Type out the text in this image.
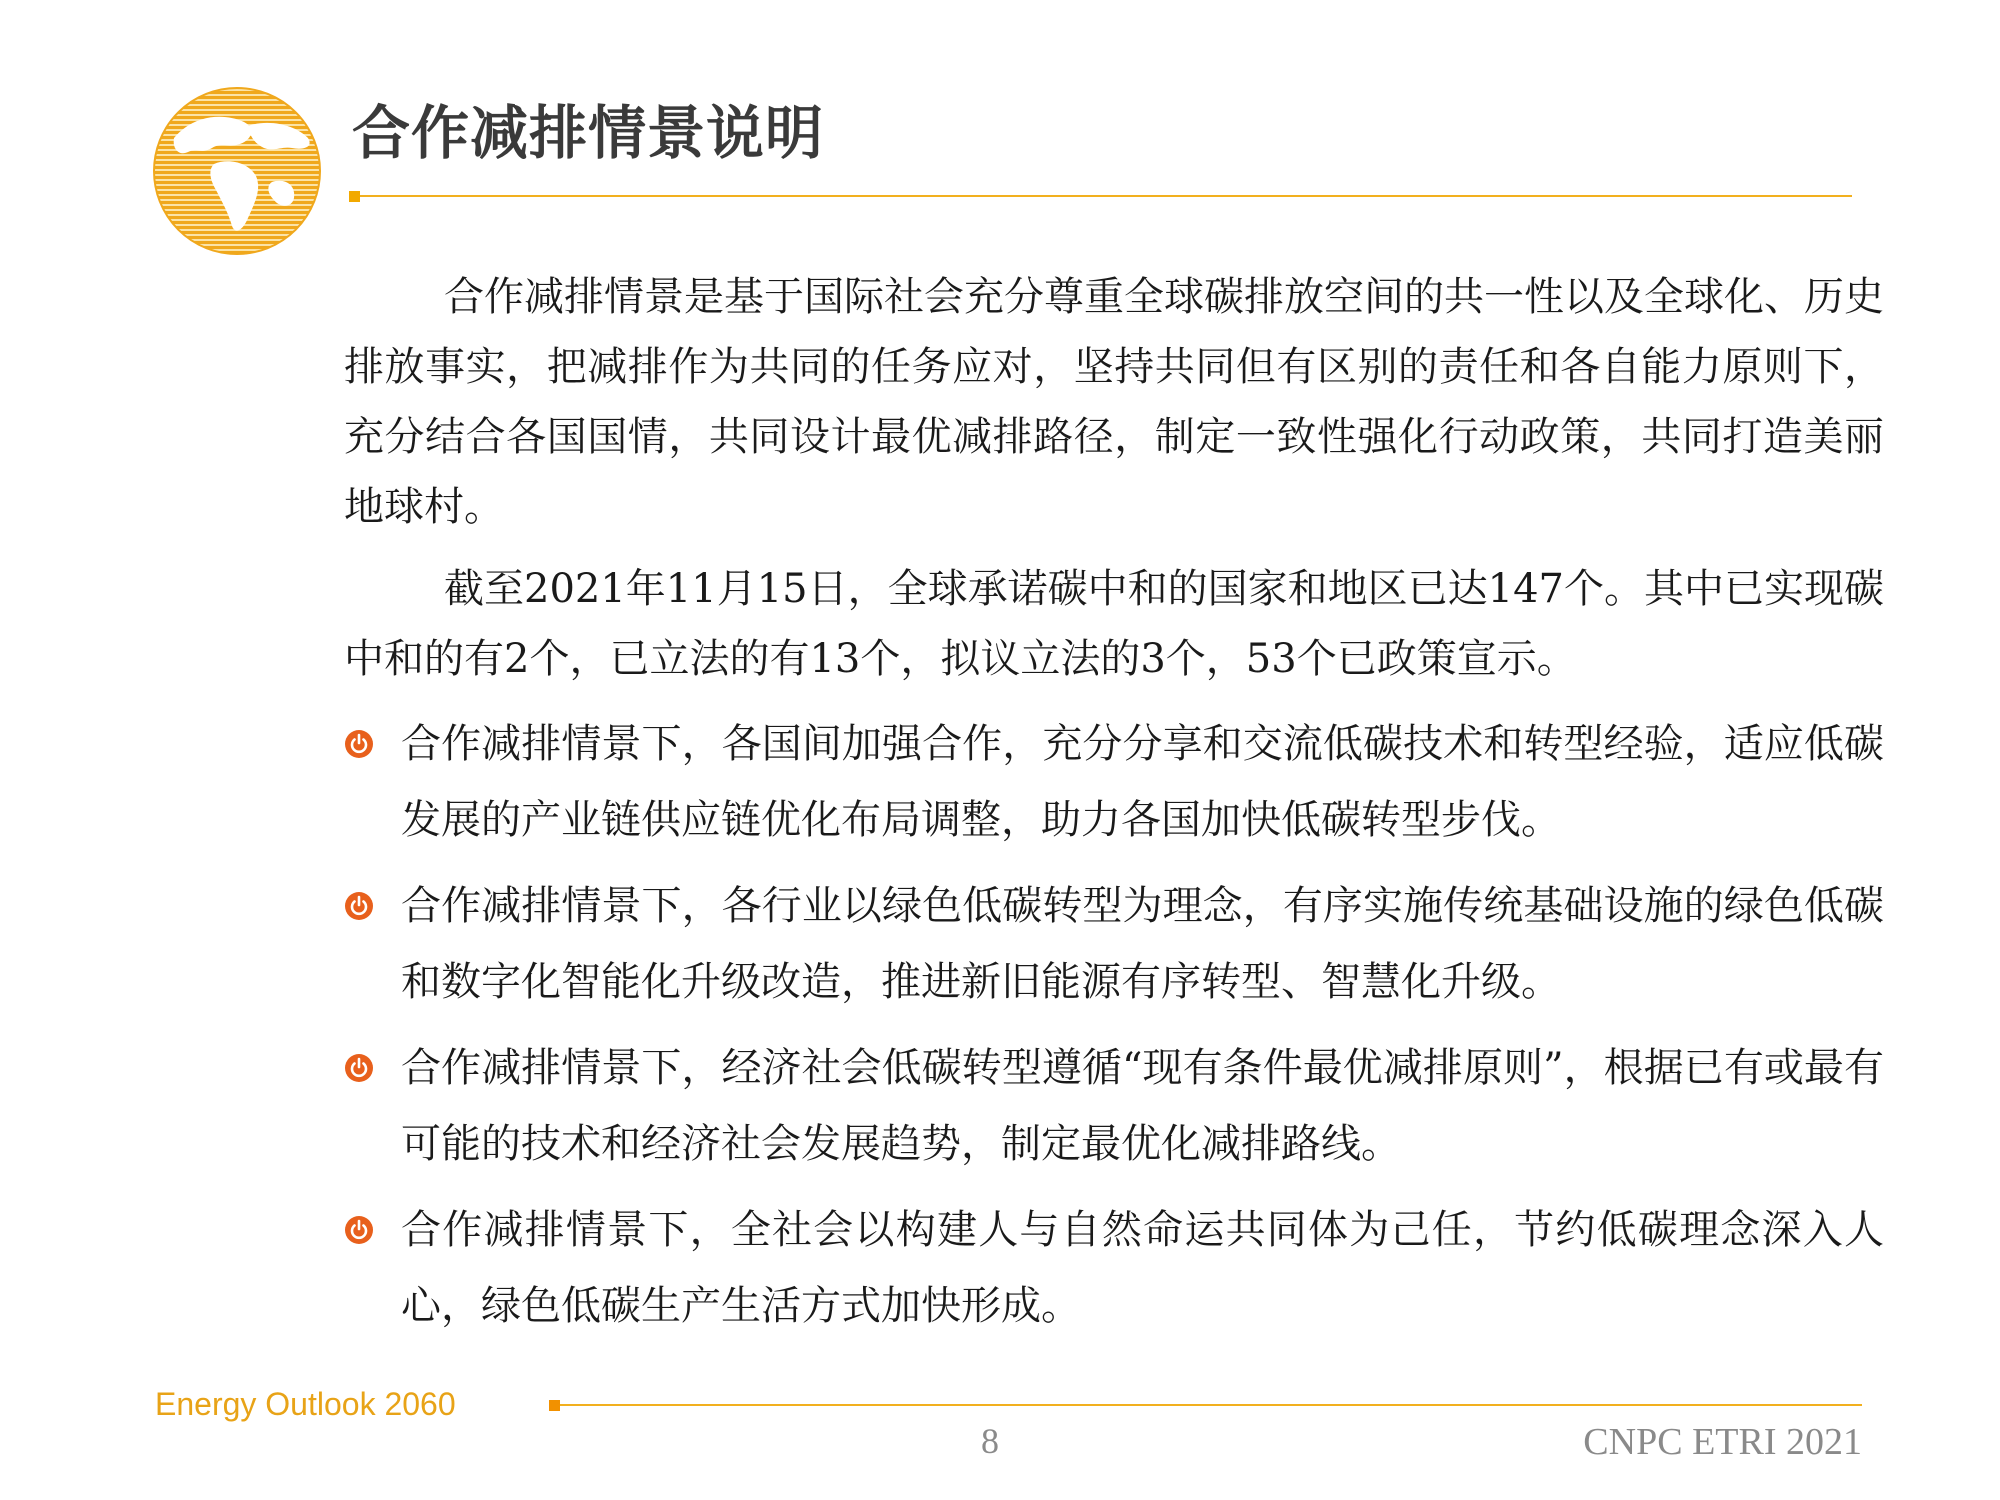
合作减排情景说明

合作减排情景是基于国际社会充分尊重全球碳排放空间的共一性以及全球化、历史排放事实，把减排作为共同的任务应对，坚持共同但有区别的责任和各自能力原则下，充分结合各国国情，共同设计最优减排路径，制定一致性强化行动政策，共同打造美丽地球村。

截至2021年11月15日，全球承诺碳中和的国家和地区已达147个。其中已实现碳中和的有2个，已立法的有13个，拟议立法的3个，53个已政策宣示。

合作减排情景下，各国间加强合作，充分分享和交流低碳技术和转型经验，适应低碳发展的产业链供应链优化布局调整，助力各国加快低碳转型步伐。
合作减排情景下，各行业以绿色低碳转型为理念，有序实施传统基础设施的绿色低碳和数字化智能化升级改造，推进新旧能源有序转型、智慧化升级。
合作减排情景下，经济社会低碳转型遵循“现有条件最优减排原则”，根据已有或最有可能的技术和经济社会发展趋势，制定最优化减排路线。
合作减排情景下，全社会以构建人与自然命运共同体为己任，节约低碳理念深入人心，绿色低碳生产生活方式加快形成。
Energy Outlook 2060
8	CNPC ETRI 2021
